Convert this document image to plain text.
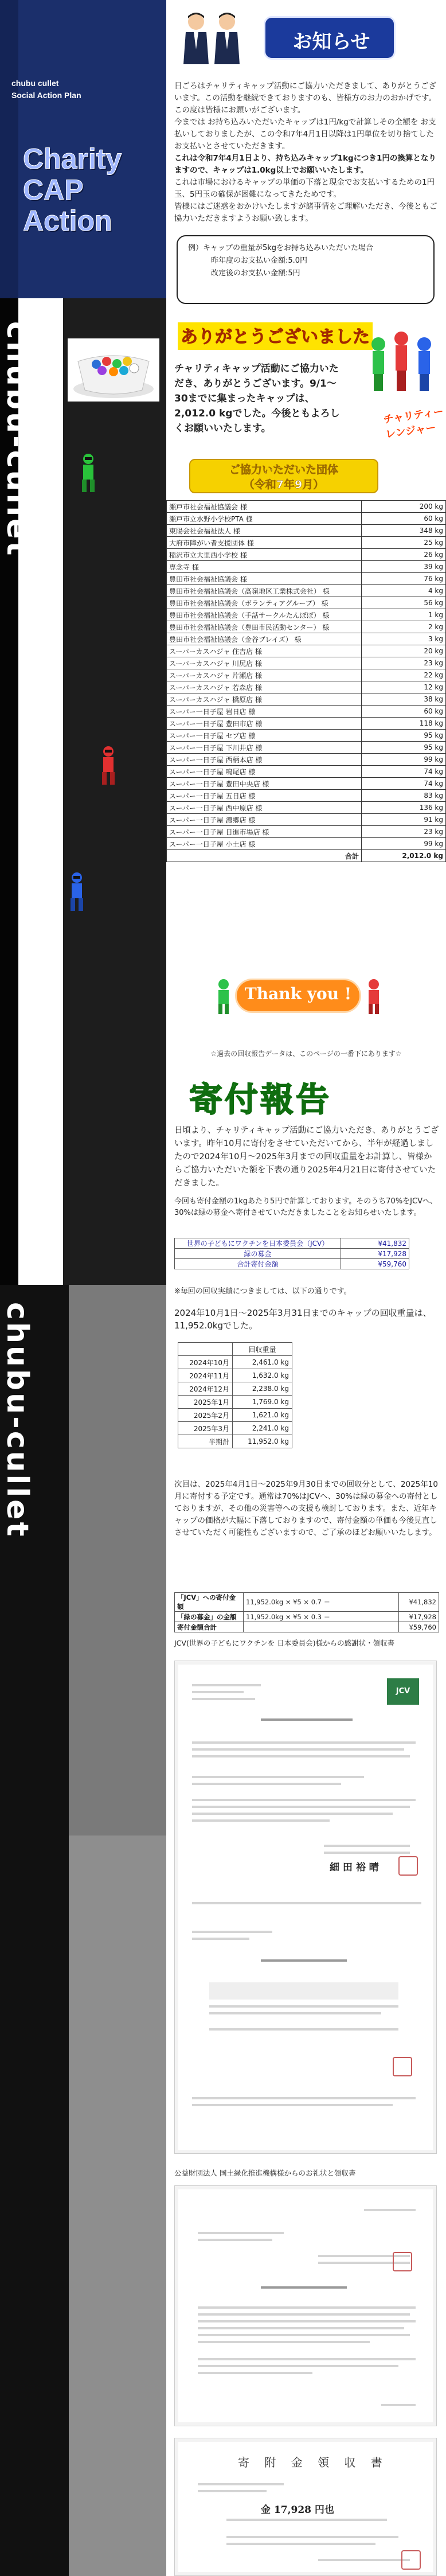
chubu cullet
Social Action Plan
Charity
CAP
Action
chubu-cullet
chubu-cullet
お知らせ

日ごろはチャリティキャップ活動にご協力いただきまして、ありがとうございます。この活動を継続できておりますのも、皆様方のお力のおかげです。この度は皆様にお願いがございます。

今までは お持ち込みいただいたキャップは1円/kgで計算しその全額を お支払いしておりましたが、この令和7年4月1日以降は1円単位を切り捨てしたお支払いとさせていただきます。

これは令和7年4月1日より、持ち込みキャップ1kgにつき1円の換算となりますので、キャップは1.0kg以上でお願いいたします。

これは市場におけるキャップの単価の下落と現金でお支払いするための1円玉、5円玉の確保が困難になってきたためです。

皆様にはご迷惑をおかけいたしますが諸事情をご理解いただき、今後ともご協力いただきますようお願い致します。

例）キャップの重量が5kgをお持ち込みいただいた場合

昨年度のお支払い金額:5.0円

改定後のお支払い金額:5円

ありがとうございました
チャリティキャップ活動にご協力いただき、ありがとうございます。9/1～30までに集まったキャップは、2,012.0 kgでした。今後ともよろしくお願いいたします。
チャリティーレンジャー
ご協力いただいた団体
（令和7年9月）
瀬戸市社会福祉協議会 様	200 kg
瀬戸市立水野小学校PTA 様	60 kg
東陽会社会福祉法人 様	348 kg
大府市障がい者支援団体 様	25 kg
稲沢市立大里西小学校 様	26 kg
専念寺 様	39 kg
豊田市社会福祉協議会 様	76 kg
豊田市社会福祉協議会（高嶺地区工業株式会社） 様	4 kg
豊田市社会福祉協議会（ボランティアグループ） 様	56 kg
豊田市社会福祉協議会（手話サークルたんぽぽ） 様	1 kg
豊田市社会福祉協議会（豊田市民活動センター） 様	2 kg
豊田市社会福祉協議会（金谷ブレイズ） 様	3 kg
スーパーカスハジャ 住吉店 様	20 kg
スーパーカスハジャ 川尻店 様	23 kg
スーパーカスハジャ 片瀬店 様	22 kg
スーパーカスハジャ 若森店 様	12 kg
スーパーカスハジャ 橋原店 様	38 kg
スーパー一日子屋 岩日店 様	60 kg
スーパー一日子屋 豊田市店 様	118 kg
スーパー一日子屋 セブ店 様	95 kg
スーパー一日子屋 下川井店 様	95 kg
スーパー一日子屋 西柄本店 様	99 kg
スーパー一日子屋 鳴尾店 様	74 kg
スーパー一日子屋 豊田中央店 様	74 kg
スーパー一日子屋 五日店 様	83 kg
スーパー一日子屋 西中原店 様	136 kg
スーパー一日子屋 濃郷店 様	91 kg
スーパー一日子屋 日進市場店 様	23 kg
スーパー一日子屋 小土店 様	99 kg
合計	2,012.0 kg
Thank you !
☆過去の回収報告データは、このページの一番下にあります☆
寄付報告
日頃より、チャリティキャップ活動にご協力いただき、ありがとうございます。昨年10月に寄付をさせていただいてから、半年が経過しましたので2024年10月～2025年3月までの回収重量をお計算し、皆様からご協力いただいた額を下表の通り2025年4月21日に寄付させていただきました。
今回も寄付金額の1kgあたり5円で計算しております。そのうち70%をJCVへ、30%は緑の募金へ寄付させていただきましたことをお知らせいたします。
世界の子どもにワクチンを日本委員会（JCV）	¥41,832
緑の募金	¥17,928
合計寄付金額	¥59,760
※毎回の回収実績につきましては、以下の通りです。
2024年10月1日～2025年3月31日までのキャップの回収重量は、11,952.0kgでした。
	回収重量
2024年10月	2,461.0 kg
2024年11月	1,632.0 kg
2024年12月	2,238.0 kg
2025年1月	1,769.0 kg
2025年2月	1,621.0 kg
2025年3月	2,241.0 kg
半期計	11,952.0 kg
次回は、2025年4月1日～2025年9月30日までの回収分として、2025年10月に寄付する予定です。通常は70%はJCVへ、30%は緑の募金への寄付としておりますが、その他の災害等への支援も検討しております。また、近年キャップの価格が大幅に下落しておりますので、寄付金額の単価も今後見直しさせていただく可能性もございますので、ご了承のほどお願いいたします。
「JCV」への寄付金額	11,952.0kg × ¥5 × 0.7 ＝	¥41,832
「緑の募金」の金額	11,952.0kg × ¥5 × 0.3 ＝	¥17,928
寄付金額合計		¥59,760
JCV(世界の子どもにワクチンを 日本委員会)様からの感謝状・領収書
JCV
細 田 裕 晴
公益財団法人 国土緑化推進機構様からのお礼状と領収書
寄 附 金 領 収 書
金 17,928 円也
